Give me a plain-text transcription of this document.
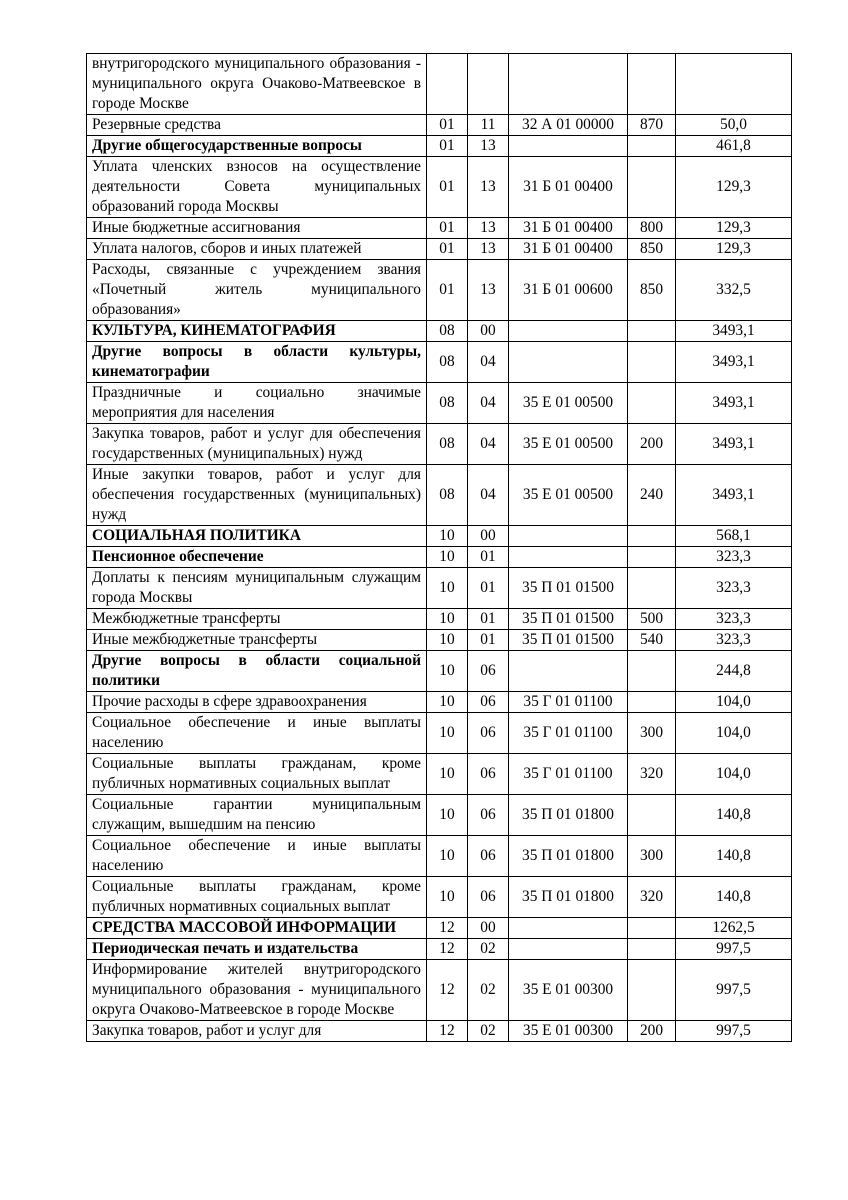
внутригородского муниципального образования - муниципального округа Очаково-Матвеевское в городе Москве					
Резервные средства	01	11	32 А 01 00000	870	50,0
Другие общегосударственные вопросы	01	13			461,8
Уплата членских взносов на осуществление деятельности Совета муниципальных образований города Москвы	01	13	31 Б 01 00400		129,3
Иные бюджетные ассигнования	01	13	31 Б 01 00400	800	129,3
Уплата налогов, сборов и иных платежей	01	13	31 Б 01 00400	850	129,3
Расходы, связанные с учреждением звания «Почетный житель муниципального образования»	01	13	31 Б 01 00600	850	332,5
КУЛЬТУРА, КИНЕМАТОГРАФИЯ	08	00			3493,1
Другие вопросы в области культуры, кинематографии	08	04			3493,1
Праздничные и социально значимые мероприятия для населения	08	04	35 Е 01 00500		3493,1
Закупка товаров, работ и услуг для обеспечения государственных (муниципальных) нужд	08	04	35 Е 01 00500	200	3493,1
Иные закупки товаров, работ и услуг для обеспечения государственных (муниципальных) нужд	08	04	35 Е 01 00500	240	3493,1
СОЦИАЛЬНАЯ ПОЛИТИКА	10	00			568,1
Пенсионное обеспечение	10	01			323,3
Доплаты к пенсиям муниципальным служащим города Москвы	10	01	35 П 01 01500		323,3
Межбюджетные трансферты	10	01	35 П 01 01500	500	323,3
Иные межбюджетные трансферты	10	01	35 П 01 01500	540	323,3
Другие вопросы в области социальной политики	10	06			244,8
Прочие расходы в сфере здравоохранения	10	06	35 Г 01 01100		104,0
Социальное обеспечение и иные выплаты населению	10	06	35 Г 01 01100	300	104,0
Социальные выплаты гражданам, кроме публичных нормативных социальных выплат	10	06	35 Г 01 01100	320	104,0
Социальные гарантии муниципальным служащим, вышедшим на пенсию	10	06	35 П 01 01800		140,8
Социальное обеспечение и иные выплаты населению	10	06	35 П 01 01800	300	140,8
Социальные выплаты гражданам, кроме публичных нормативных социальных выплат	10	06	35 П 01 01800	320	140,8
СРЕДСТВА МАССОВОЙ ИНФОРМАЦИИ	12	00			1262,5
Периодическая печать и издательства	12	02			997,5
Информирование жителей внутригородского муниципального образования - муниципального округа Очаково-Матвеевское в городе Москве	12	02	35 Е 01 00300		997,5
Закупка товаров, работ и услуг для	12	02	35 Е 01 00300	200	997,5
